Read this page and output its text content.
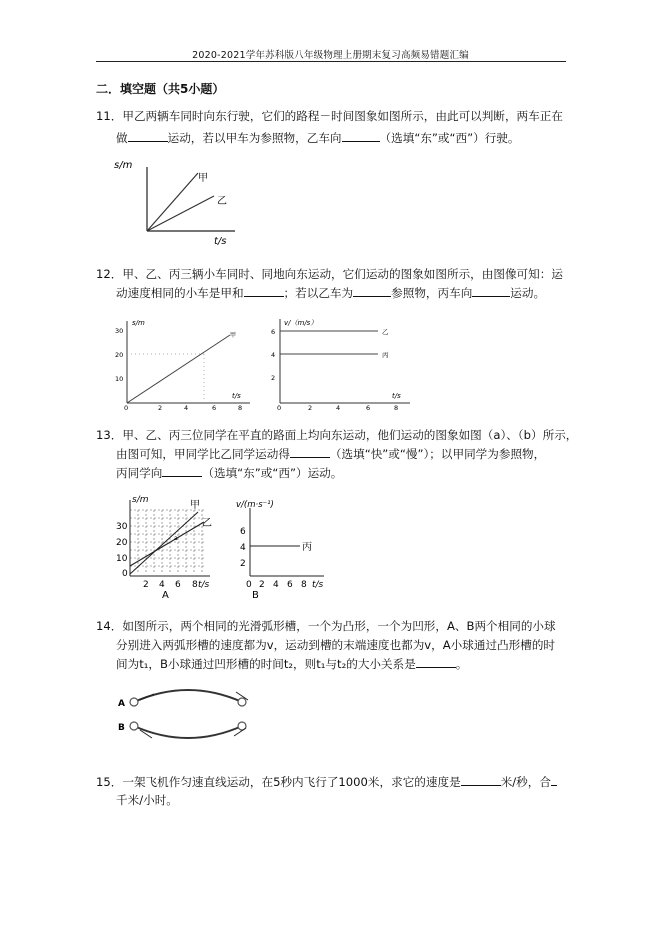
2020-2021学年苏科版八年级物理上册期末复习高频易错题汇编
二．填空题（共5小题）
11．甲乙两辆车同时向东行驶，它们的路程－时间图象如图所示，由此可以判断，两车正在
做	运动，若以甲车为参照物，乙车向	（选填“东”或“西”）行驶。
s/m
t/s
甲
乙
12．甲、乙、丙三辆小车同时、同地向东运动，它们运动的图象如图所示，由图像可知：运
动速度相同的小车是甲和	；若以乙车为	参照物，丙车向	运动。
s/m
30
20
10
0	2	4	6	8
t/s
甲
v/（m/s）
6
4
2
0	2	4	6	8
t/s
乙
丙
13．甲、乙、丙三位同学在平直的路面上均向东运动，他们运动的图象如图（a）、（b）所示，
由图可知，甲同学比乙同学运动得	（选填“快”或“慢”）；以甲同学为参照物，
丙同学向	（选填“东”或“西”）运动。
s/m
30
20
10
0
2 4 6 8 t/s
甲
乙
a
A
v/(m·s⁻¹)
6
4
2
0 2 4 6 8 t/s
丙
B
14．如图所示，两个相同的光滑弧形槽，一个为凸形，一个为凹形，A、B两个相同的小球
分别进入两弧形槽的速度都为v，运动到槽的末端速度也都为v，A小球通过凸形槽的时
间为t₁，B小球通过凹形槽的时间t₂，则t₁与t₂的大小关系是	。
A
B
15．一架飞机作匀速直线运动，在5秒内飞行了1000米，求它的速度是	米/秒，合
千米/小时。
